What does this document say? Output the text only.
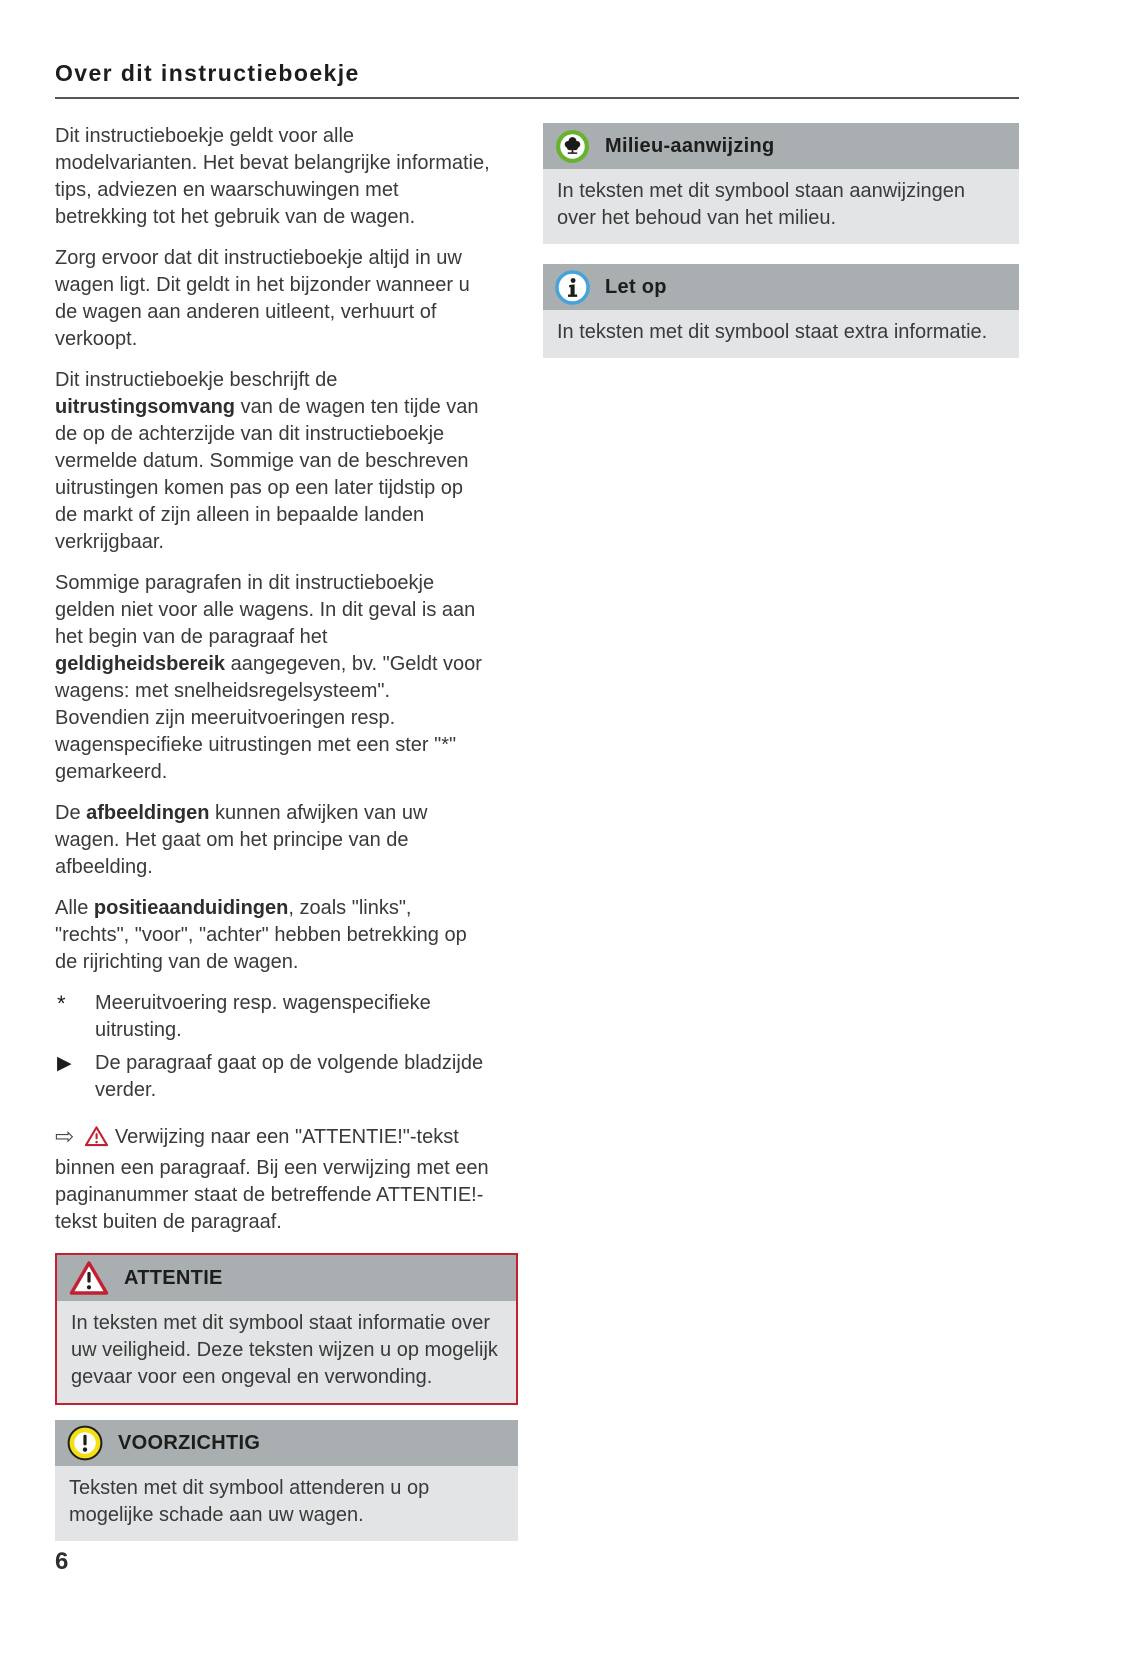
Over dit instructieboekje

Dit instructieboekje geldt voor alle modelvarianten. Het bevat belangrijke informatie, tips, adviezen en waarschuwingen met betrekking tot het gebruik van de wagen.

Zorg ervoor dat dit instructieboekje altijd in uw wagen ligt. Dit geldt in het bijzonder wanneer u de wagen aan anderen uitleent, verhuurt of verkoopt.

Dit instructieboekje beschrijft de uitrustingsomvang van de wagen ten tijde van de op de achterzijde van dit instructieboekje vermelde datum. Sommige van de beschreven uitrustingen komen pas op een later tijdstip op de markt of zijn alleen in bepaalde landen verkrijgbaar.

Sommige paragrafen in dit instructieboekje gelden niet voor alle wagens. In dit geval is aan het begin van de paragraaf het geldigheidsbereik aangegeven, bv. "Geldt voor wagens: met snelheidsregelsysteem". Bovendien zijn meeruitvoeringen resp. wagenspecifieke uitrustingen met een ster "*" gemarkeerd.

De afbeeldingen kunnen afwijken van uw wagen. Het gaat om het principe van de afbeelding.

Alle positieaanduidingen, zoals "links", "rechts", "voor", "achter" hebben betrekking op de rijrichting van de wagen.

* Meeruitvoering resp. wagenspecifieke uitrusting.
▶ De paragraaf gaat op de volgende bladzijde verder.

⇨ Verwijzing naar een "ATTENTIE!"-tekst binnen een paragraaf. Bij een verwijzing met een paginanummer staat de betreffende ATTENTIE!-tekst buiten de paragraaf.

ATTENTIE
In teksten met dit symbool staat informatie over uw veiligheid. Deze teksten wijzen u op mogelijk gevaar voor een ongeval en verwonding.
VOORZICHTIG
Teksten met dit symbool attenderen u op mogelijke schade aan uw wagen.
Milieu-aanwijzing
In teksten met dit symbool staan aanwijzingen over het behoud van het milieu.
Let op
In teksten met dit symbool staat extra informatie.
6
